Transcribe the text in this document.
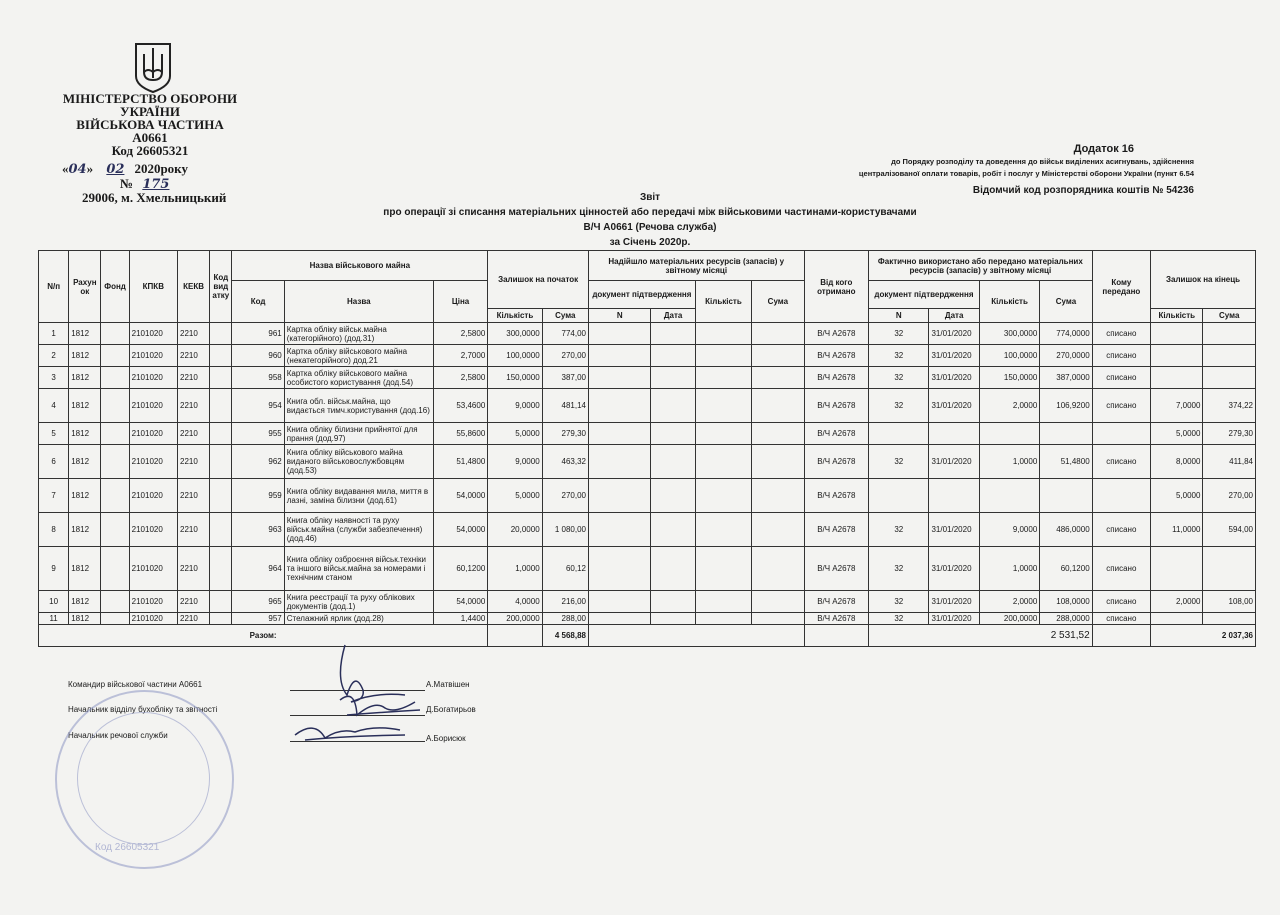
МІНІСТЕРСТВО ОБОРОНИ
УКРАЇНИ
ВІЙСЬКОВА ЧАСТИНА
А0661
Код 26605321
«04» 02 2020року
№ 175
29006, м. Хмельницький
Додаток 16
до Порядку розподілу та доведення до військ виділених асигнувань, здійснення
централізованої оплати товарів, робіт і послуг у Міністерстві оборони України (пункт 6.54
Відомчий код розпорядника коштів № 54236
Звіт
про операції зі списання матеріальних цінностей або передачі між військовими частинами-користувачами
В/Ч А0661 (Речова служба)
за Січень 2020р.
N/п	Рахун ок	Фонд	КПКВ	КЕКВ	Код вид атку	Назва військового майна			Залишок на початок		Надійшло матеріальних ресурсів (запасів) у звітному місяці				Від кого отримано	Фактично використано або передано матеріальних ресурсів (запасів) у звітному місяці				Кому передано	Залишок на кінець	
						Код	Назва	Ціна			документ підтвердження		Кількість	Сума		документ підтвердження		Кількість	Сума			
									Кількість	Сума	N	Дата				N	Дата				Кількість	Сума
1	1812		2101020	2210		961	Картка обліку військ.майна (категорійного) (дод.31)	2,5800	300,0000	774,00					В/Ч А2678	32	31/01/2020	300,0000	774,0000	списано		
2	1812		2101020	2210		960	Картка обліку військового майна (некатегорійного) дод.21	2,7000	100,0000	270,00					В/Ч А2678	32	31/01/2020	100,0000	270,0000	списано		
3	1812		2101020	2210		958	Картка обліку військового майна особистого користування (дод.54)	2,5800	150,0000	387,00					В/Ч А2678	32	31/01/2020	150,0000	387,0000	списано		
4	1812		2101020	2210		954	Книга обл. військ.майна, що видається тимч.користування (дод.16)	53,4600	9,0000	481,14					В/Ч А2678	32	31/01/2020	2,0000	106,9200	списано	7,0000	374,22
5	1812		2101020	2210		955	Книга обліку білизни прийнятої для прання (дод.97)	55,8600	5,0000	279,30					В/Ч А2678						5,0000	279,30
6	1812		2101020	2210		962	Книга обліку військового майна виданого військовослужбовцям (дод.53)	51,4800	9,0000	463,32					В/Ч А2678	32	31/01/2020	1,0000	51,4800	списано	8,0000	411,84
7	1812		2101020	2210		959	Книга обліку видавання мила, миття в лазні, заміна білизни (дод.61)	54,0000	5,0000	270,00					В/Ч А2678						5,0000	270,00
8	1812		2101020	2210		963	Книга обліку наявності та руху військ.майна (служби забезпечення) (дод.46)	54,0000	20,0000	1 080,00					В/Ч А2678	32	31/01/2020	9,0000	486,0000	списано	11,0000	594,00
9	1812		2101020	2210		964	Книга обліку озброєння військ.техніки та іншого військ.майна за номерами і технічним станом	60,1200	1,0000	60,12					В/Ч А2678	32	31/01/2020	1,0000	60,1200	списано		
10	1812		2101020	2210		965	Книга реєстрації та руху облікових документів (дод.1)	54,0000	4,0000	216,00					В/Ч А2678	32	31/01/2020	2,0000	108,0000	списано	2,0000	108,00
11	1812		2101020	2210		957	Стелажний ярлик (дод.28)	1,4400	200,0000	288,00					В/Ч А2678	32	31/01/2020	200,0000	288,0000	списано		
Разом:										4 568,88						2 531,52					2 037,36	
Командир військової частини А0661	А.Матвішен
Начальник відділу бухобліку та звітності	Д.Богатирьов
Начальник речової служби	А.Борисюк
Код 26605321
